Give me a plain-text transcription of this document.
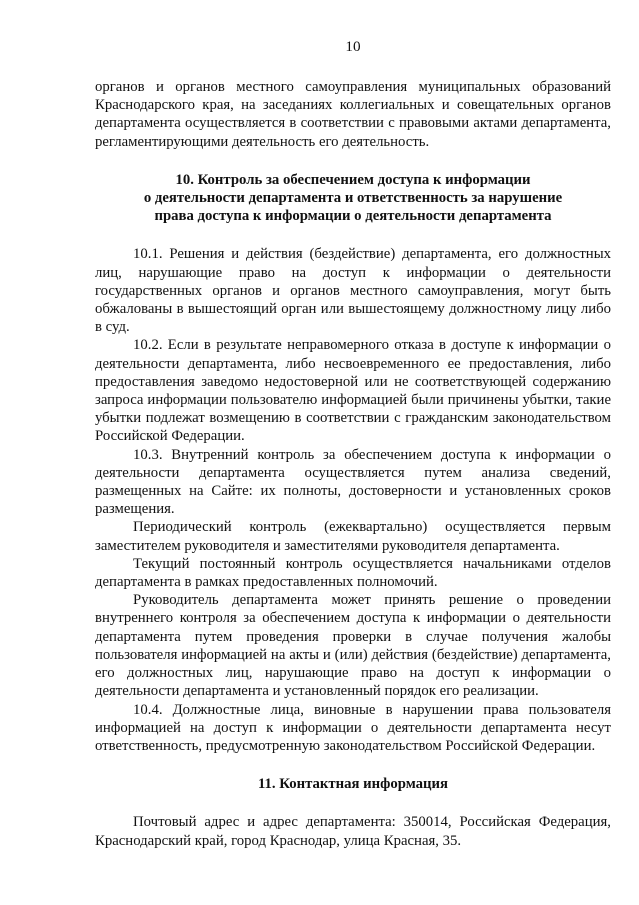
10

органов и органов местного самоуправления муниципальных образований Краснодарского края, на заседаниях коллегиальных и совещательных органов департамента осуществляется в соответствии с правовыми актами департамента, регламентирующими деятельность его деятельность.

10. Контроль за обеспечением доступа к информации
о деятельности департамента и ответственность за нарушение
права доступа к информации о деятельности департамента

10.1. Решения и действия (бездействие) департамента, его должностных лиц, нарушающие право на доступ к информации о деятельности государственных органов и органов местного самоуправления, могут быть обжалованы в вышестоящий орган или вышестоящему должностному лицу либо в суд.

10.2. Если в результате неправомерного отказа в доступе к информации о деятельности департамента, либо несвоевременного ее предоставления, либо предоставления заведомо недостоверной или не соответствующей содержанию запроса информации пользователю информацией были причинены убытки, такие убытки подлежат возмещению в соответствии с гражданским законодательством Российской Федерации.

10.3. Внутренний контроль за обеспечением доступа к информации о деятельности департамента осуществляется путем анализа сведений, размещенных на Сайте: их полноты, достоверности и установленных сроков размещения.

Периодический контроль (ежеквартально) осуществляется первым заместителем руководителя и заместителями руководителя департамента.

Текущий постоянный контроль осуществляется начальниками отделов департамента в рамках предоставленных полномочий.

Руководитель департамента может принять решение о проведении внутреннего контроля за обеспечением доступа к информации о деятельности департамента путем проведения проверки в случае получения жалобы пользователя информацией на акты и (или) действия (бездействие) департамента, его должностных лиц, нарушающие право на доступ к информации о деятельности департамента и установленный порядок его реализации.

10.4. Должностные лица, виновные в нарушении права пользователя информацией на доступ к информации о деятельности департамента несут ответственность, предусмотренную законодательством Российской Федерации.

11. Контактная информация

Почтовый адрес и адрес департамента: 350014, Российская Федерация, Краснодарский край, город Краснодар, улица Красная, 35.
